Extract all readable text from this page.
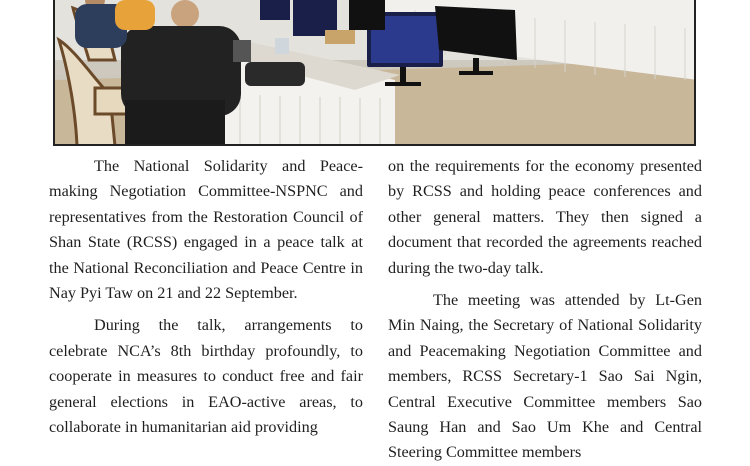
The National Solidarity and Peace-making Negotiation Committee-NSPNC and representatives from the Restoration Council of Shan State (RCSS) engaged in a peace talk at the National Reconciliation and Peace Centre in Nay Pyi Taw on 21 and 22 September.

During the talk, arrangements to celebrate NCA’s 8th birthday profoundly, to cooperate in measures to conduct free and fair general elections in EAO-active areas, to collaborate in humanitarian aid providing

on the requirements for the economy presented by RCSS and holding peace conferences and other general matters. They then signed a document that recorded the agreements reached during the two-day talk.

The meeting was attended by Lt-Gen Min Naing, the Secretary of National Solidarity and Peacemaking Negotiation Committee and members, RCSS Secretary-1 Sao Sai Ngin, Central Executive Committee members Sao Saung Han and Sao Um Khe and Central Steering Committee members
